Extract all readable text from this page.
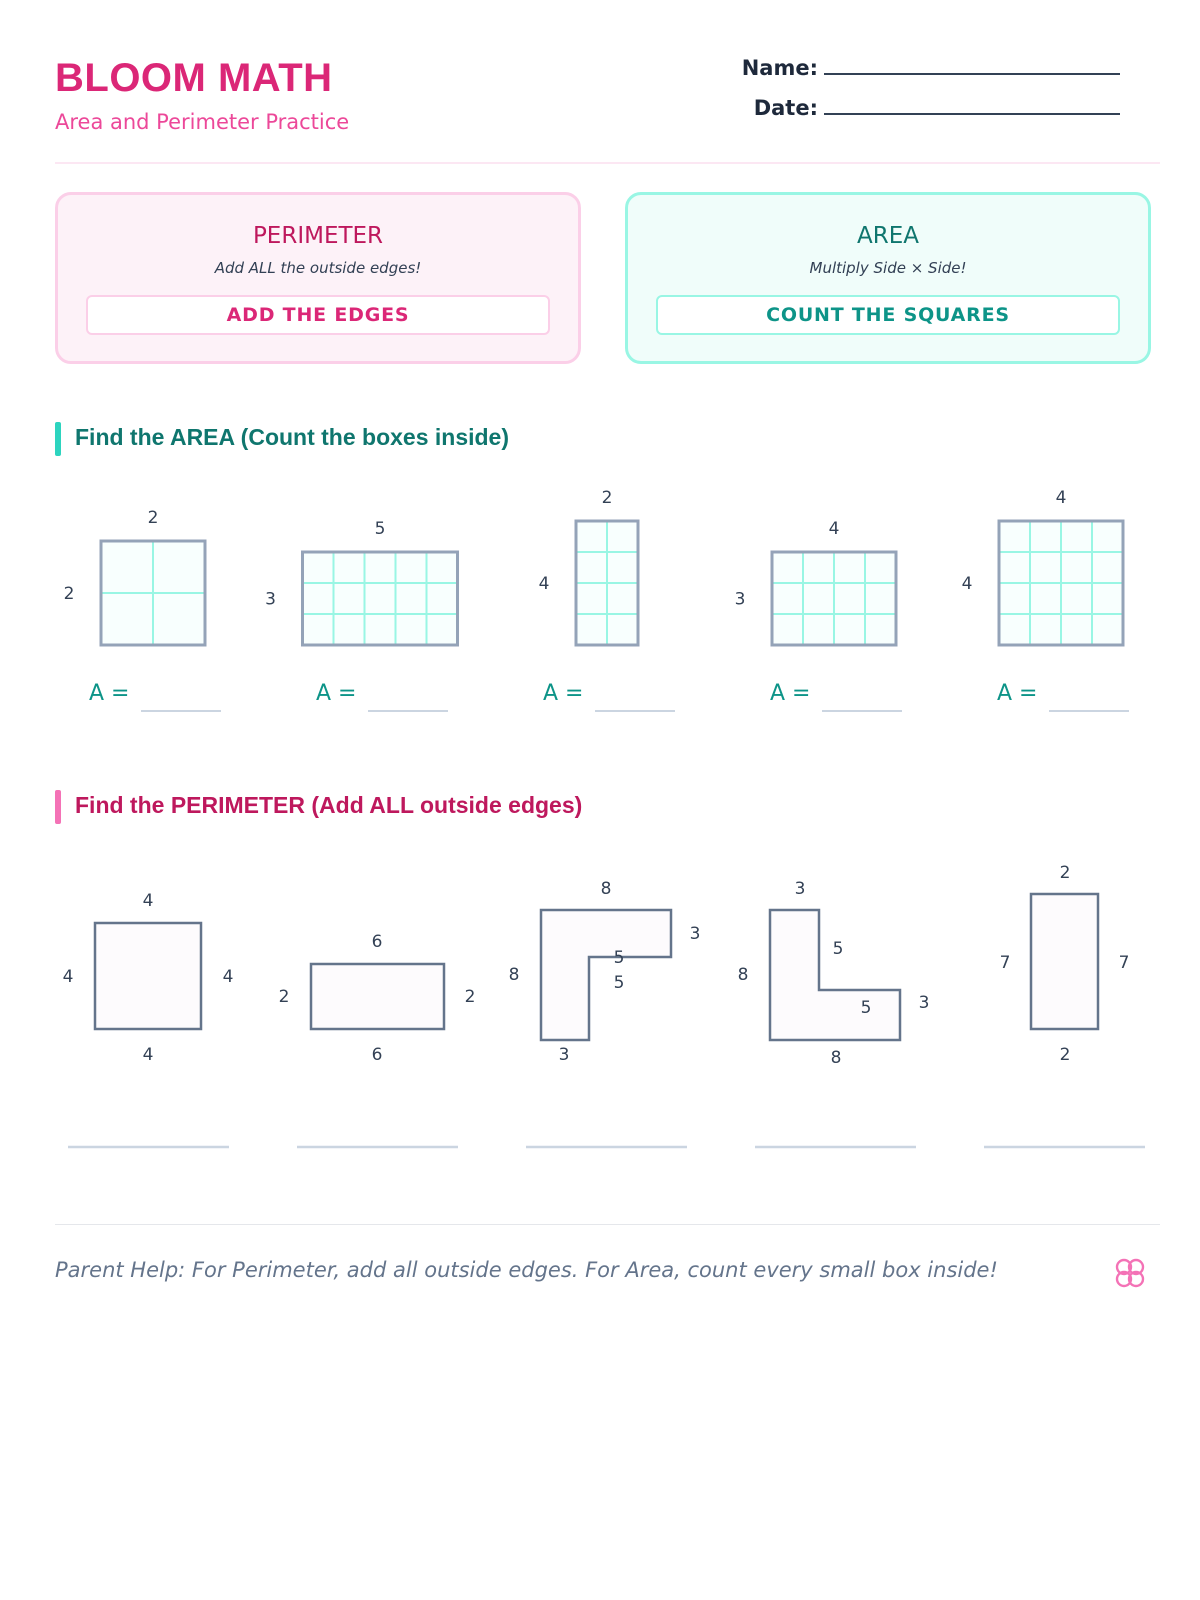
BLOOM MATH
Area and Perimeter Practice
Name:
Date:
PERIMETER
Add ALL the outside edges!
ADD THE EDGES
AREA
Multiply Side × Side!
COUNT THE SQUARES
Find the AREA (Count the boxes inside)
2
2
A =
5
3
A =
2
4
A =
4
3
A =
4
4
A =
Find the PERIMETER (Add ALL outside edges)
4
4	4
4
6
2	2
6
8
3
5
5
8
3
3
5
8
5	3
8
2
7	7
2
Parent Help: For Perimeter, add all outside edges. For Area, count every small box inside!
